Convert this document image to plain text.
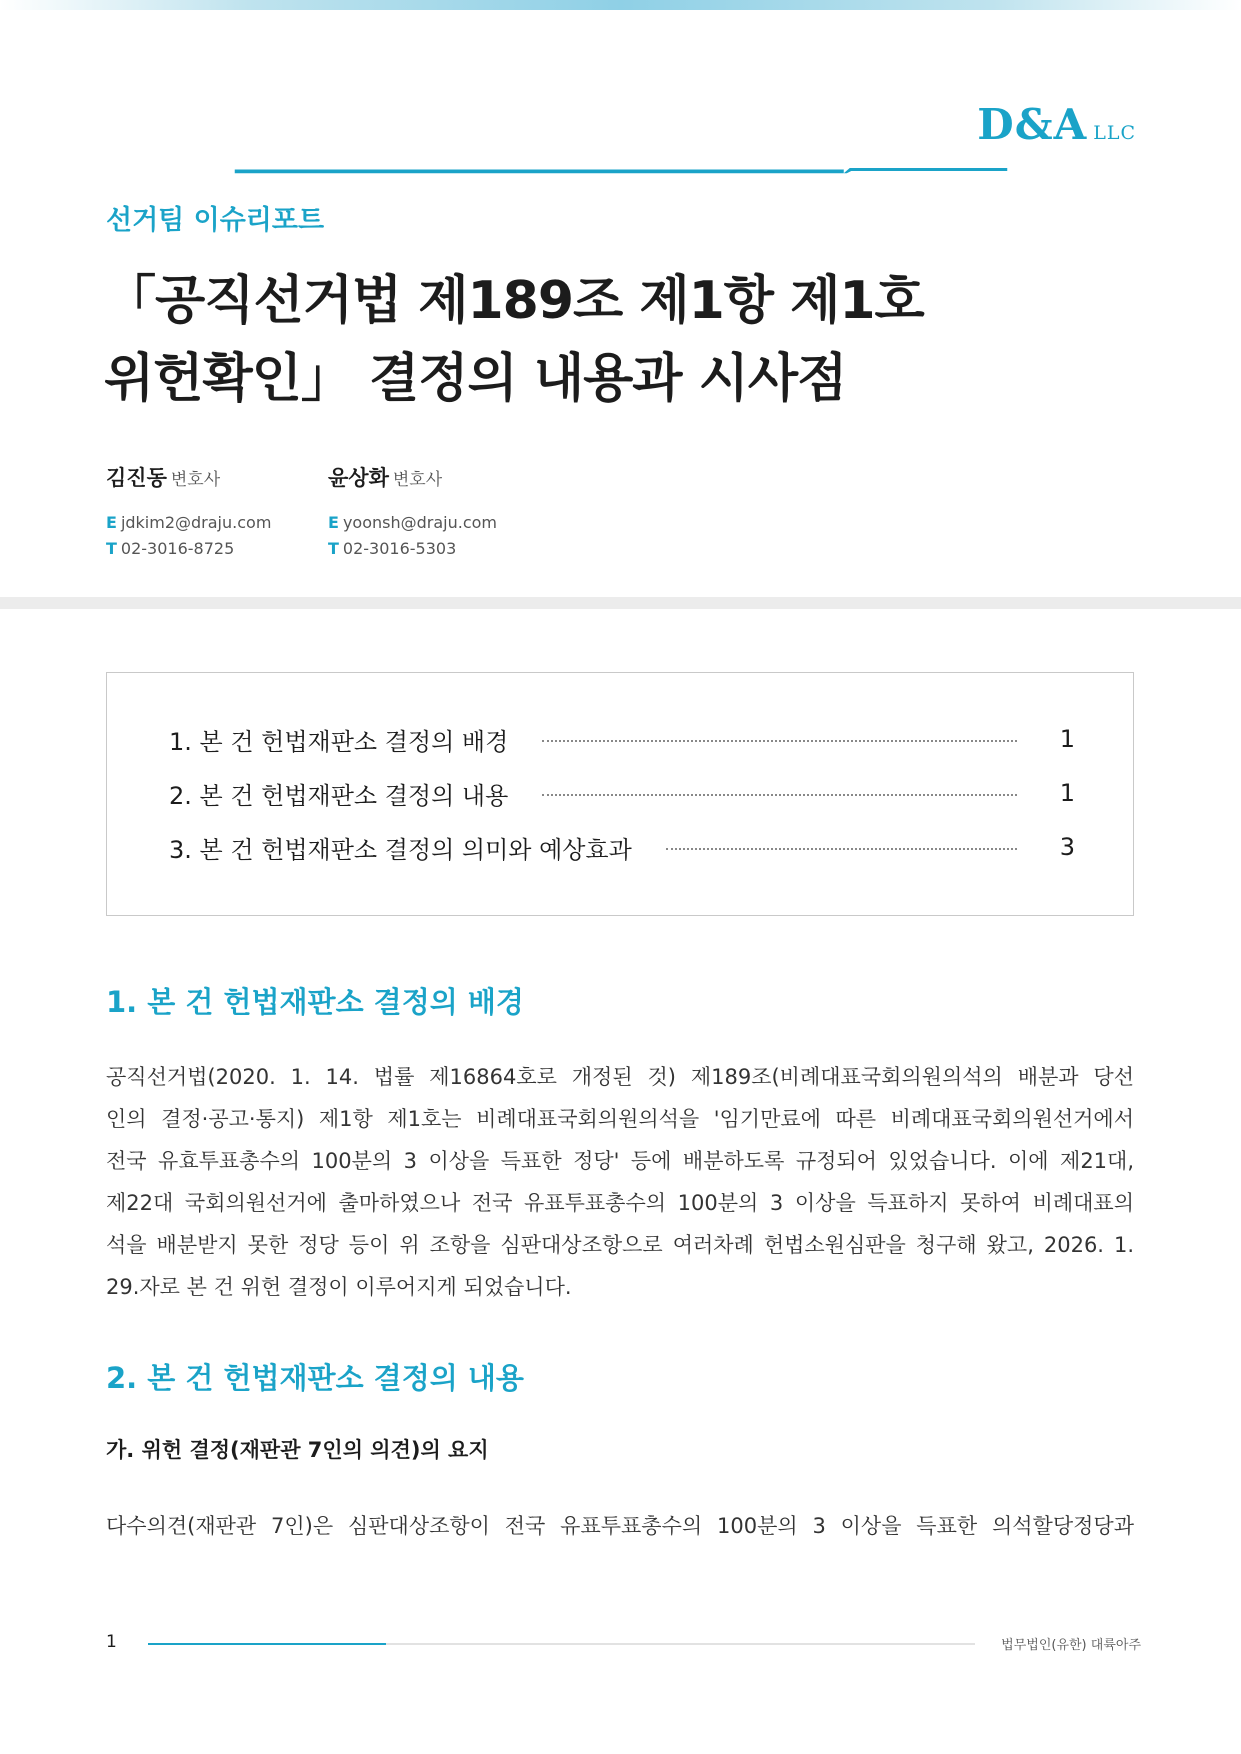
D&A LLC
선거팀 이슈리포트
「공직선거법 제189조 제1항 제1호
위헌확인」 결정의 내용과 시사점
김진동 변호사
E jdkim2@draju.com
T 02-3016-8725
윤상화 변호사
E yoonsh@draju.com
T 02-3016-5303
1. 본 건 헌법재판소 결정의 배경	1
2. 본 건 헌법재판소 결정의 내용	1
3. 본 건 헌법재판소 결정의 의미와 예상효과	3
1. 본 건 헌법재판소 결정의 배경
공직선거법(2020. 1. 14. 법률 제16864호로 개정된 것) 제189조(비례대표국회의원의석의 배분과 당선
인의 결정·공고·통지) 제1항 제1호는 비례대표국회의원의석을 '임기만료에 따른 비례대표국회의원선거에서
전국 유효투표총수의 100분의 3 이상을 득표한 정당' 등에 배분하도록 규정되어 있었습니다. 이에 제21대,
제22대 국회의원선거에 출마하였으나 전국 유표투표총수의 100분의 3 이상을 득표하지 못하여 비례대표의
석을 배분받지 못한 정당 등이 위 조항을 심판대상조항으로 여러차례 헌법소원심판을 청구해 왔고, 2026. 1.
29.자로 본 건 위헌 결정이 이루어지게 되었습니다.
2. 본 건 헌법재판소 결정의 내용
가. 위헌 결정(재판관 7인의 의견)의 요지
다수의견(재판관 7인)은 심판대상조항이 전국 유표투표총수의 100분의 3 이상을 득표한 의석할당정당과
1	법무법인(유한) 대륙아주
